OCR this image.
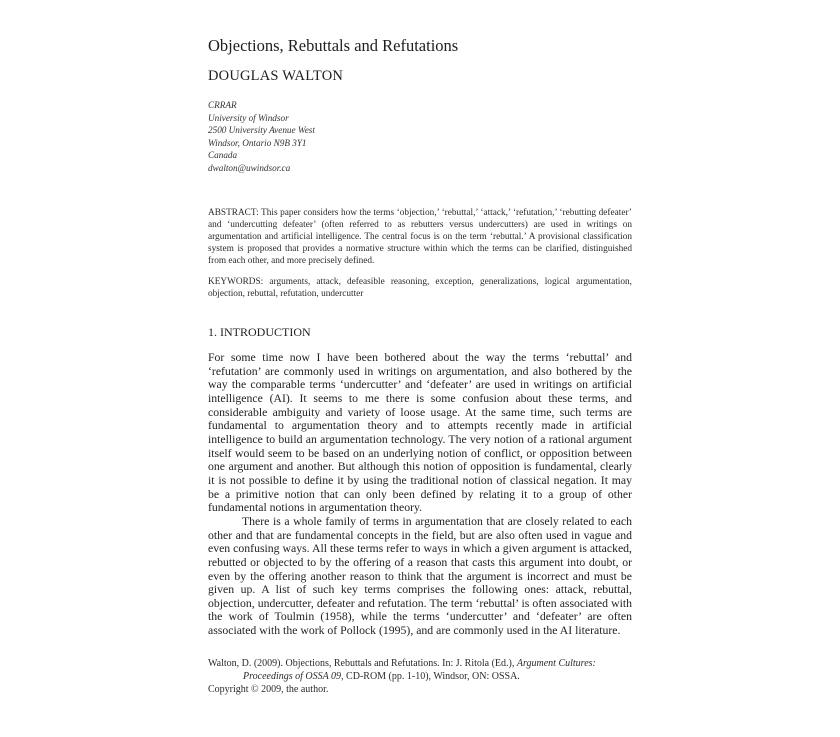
Objections, Rebuttals and Refutations
DOUGLAS WALTON
CRRAR
University of Windsor
2500 University Avenue West
Windsor, Ontario N9B 3Y1
Canada
dwalton@uwindsor.ca
ABSTRACT: This paper considers how the terms ‘objection,’ ‘rebuttal,’ ‘attack,’ ‘refutation,’ ‘rebutting defeater’ and ‘undercutting defeater’ (often referred to as rebutters versus undercutters) are used in writings on argumentation and artificial intelligence. The central focus is on the term ‘rebuttal.’ A provisional classification system is proposed that provides a normative structure within which the terms can be clarified, distinguished from each other, and more precisely defined.
KEYWORDS: arguments, attack, defeasible reasoning, exception, generalizations, logical argumentation, objection, rebuttal, refutation, undercutter
1. INTRODUCTION

For some time now I have been bothered about the way the terms ‘rebuttal’ and ‘refutation’ are commonly used in writings on argumentation, and also bothered by the way the comparable terms ‘undercutter’ and ‘defeater’ are used in writings on artificial intelligence (AI). It seems to me there is some confusion about these terms, and considerable ambiguity and variety of loose usage. At the same time, such terms are fundamental to argumentation theory and to attempts recently made in artificial intelligence to build an argumentation technology. The very notion of a rational argument itself would seem to be based on an underlying notion of conflict, or opposition between one argument and another. But although this notion of opposition is fundamental, clearly it is not possible to define it by using the traditional notion of classical negation. It may be a primitive notion that can only been defined by relating it to a group of other fundamental notions in argumentation theory.

There is a whole family of terms in argumentation that are closely related to each other and that are fundamental concepts in the field, but are also often used in vague and even confusing ways. All these terms refer to ways in which a given argument is attacked, rebutted or objected to by the offering of a reason that casts this argument into doubt, or even by the offering another reason to think that the argument is incorrect and must be given up. A list of such key terms comprises the following ones: attack, rebuttal, objection, undercutter, defeater and refutation. The term ‘rebuttal’ is often associated with the work of Toulmin (1958), while the terms ‘undercutter’ and ‘defeater’ are often associated with the work of Pollock (1995), and are commonly used in the AI literature.

Walton, D. (2009). Objections, Rebuttals and Refutations. In: J. Ritola (Ed.), Argument Cultures:
Proceedings of OSSA 09, CD-ROM (pp. 1-10), Windsor, ON: OSSA.
Copyright © 2009, the author.
